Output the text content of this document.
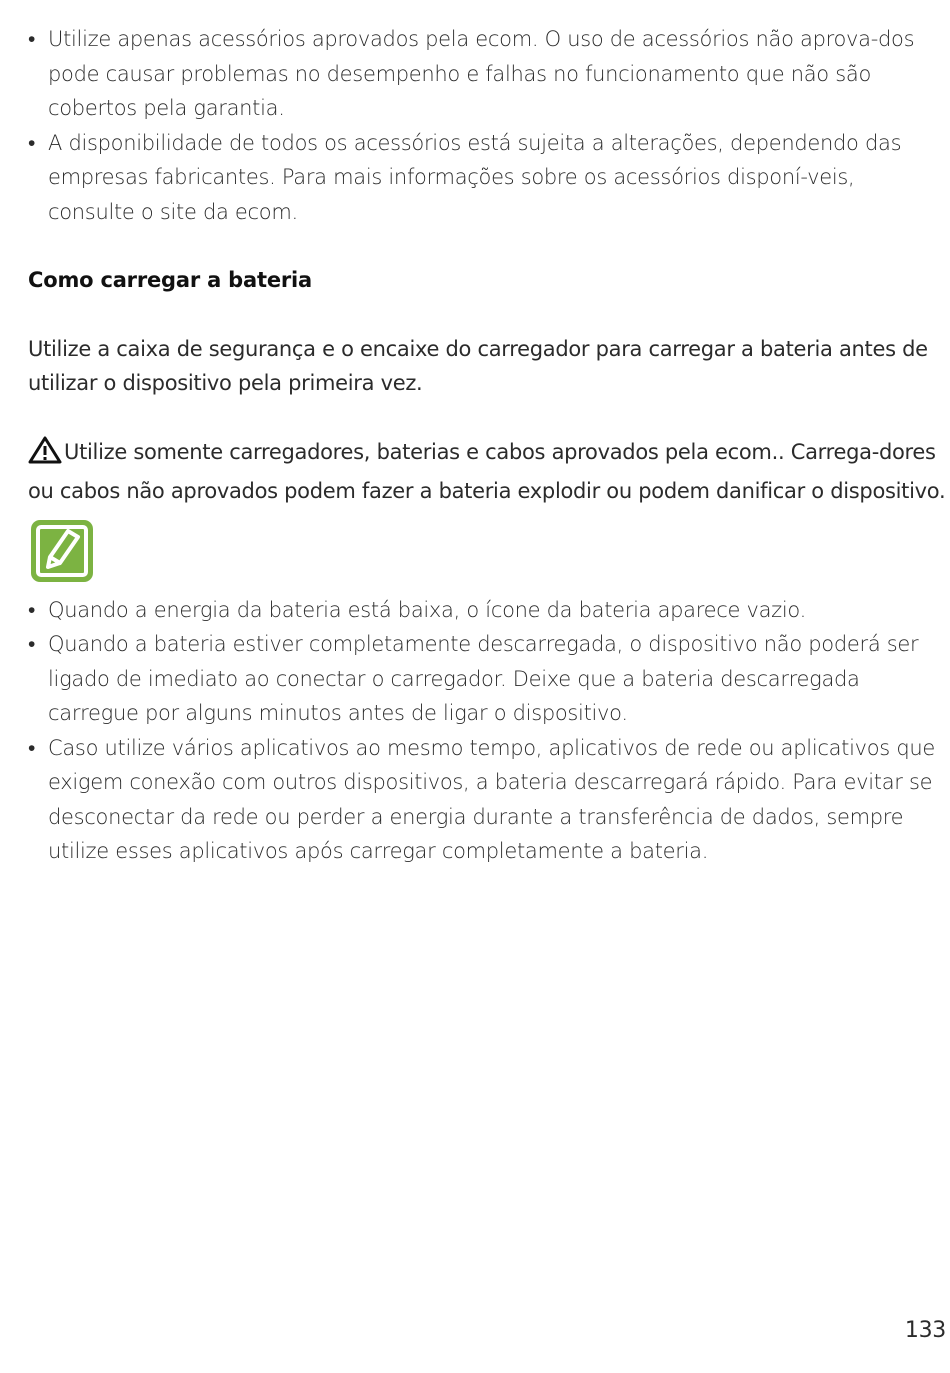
• Utilize apenas acessórios aprovados pela ecom. O uso de acessórios não aprova-dos pode causar problemas no desempenho e falhas no funcionamento que não são cobertos pela garantia.
• A disponibilidade de todos os acessórios está sujeita a alterações, dependendo das empresas fabricantes. Para mais informações sobre os acessórios disponí-veis, consulte o site da ecom.
Como carregar a bateria

Utilize a caixa de segurança e o encaixe do carregador para carregar a bateria antes de utilizar o dispositivo pela primeira vez.

Utilize somente carregadores, baterias e cabos aprovados pela ecom.. Carrega-dores ou cabos não aprovados podem fazer a bateria explodir ou podem danificar o dispositivo.

• Quando a energia da bateria está baixa, o ícone da bateria aparece vazio.
• Quando a bateria estiver completamente descarregada, o dispositivo não poderá ser ligado de imediato ao conectar o carregador. Deixe que a bateria descarregada carregue por alguns minutos antes de ligar o dispositivo.
• Caso utilize vários aplicativos ao mesmo tempo, aplicativos de rede ou aplicativos que exigem conexão com outros dispositivos, a bateria descarregará rápido. Para evitar se desconectar da rede ou perder a energia durante a transferência de dados, sempre utilize esses aplicativos após carregar completamente a bateria.
133
